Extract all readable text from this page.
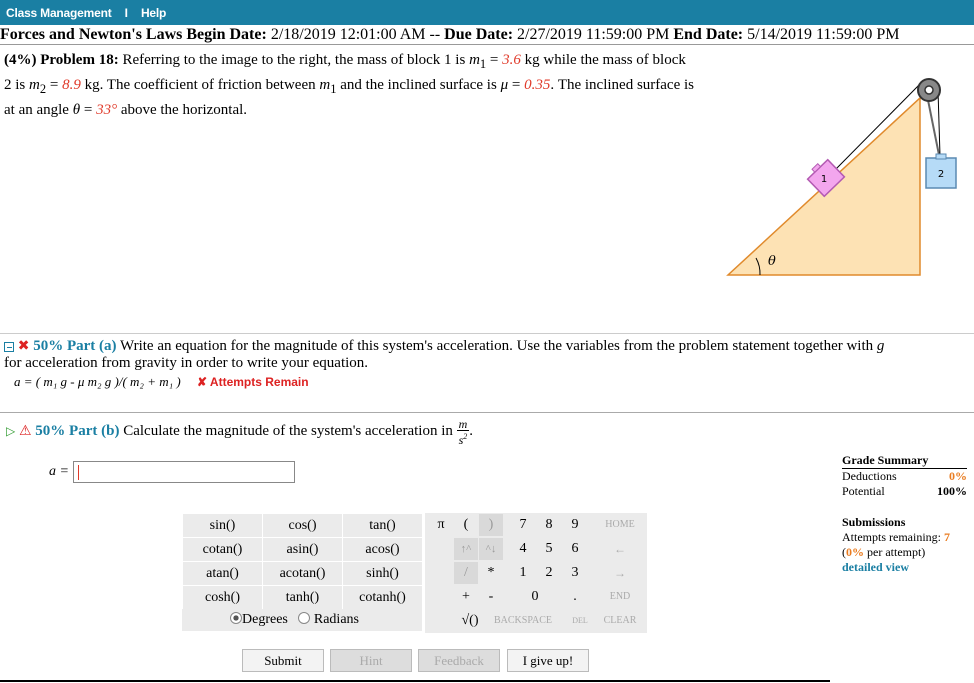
Class Management I Help
Forces and Newton's Laws Begin Date: 2/18/2019 12:01:00 AM -- Due Date: 2/27/2019 11:59:00 PM End Date: 5/14/2019 11:59:00 PM
(4%) Problem 18: Referring to the image to the right, the mass of block 1 is $m_1 = 3.6$ kg while the mass of block 2 is $m_2 = 8.9$ kg. The coefficient of friction between $m_1$ and the inclined surface is μ = 0.35. The inclined surface is at an angle θ = 33° above the horizontal.
1	2
θ
✖ 50% Part (a) Write an equation for the magnitude of this system's acceleration. Use the variables from the problem statement together with g
for acceleration from gravity in order to write your equation.
a = ( m₁ g - μ m₂ g )/( m₂ + m₁ ) ✘ Attempts Remain
▷ ⚠ 50% Part (b) Calculate the magnitude of the system's acceleration in $\frac{m}{s^2}$ .
a =
sin()	cos()	tan()
cotan()	asin()	acos()
atan()	acotan()	sinh()
cosh()	tanh()	cotanh()
Degrees Radians
π	(	)	7	8	9	HOME
↑^	^↓	4	5	6	←
/	*	1	2	3	→
+	-	0	.	END
√()	BACKSPACE	DEL	CLEAR
Grade Summary
Deductions	0%
Potential	100%
Submissions
Attempts remaining: 7
(0% per attempt)
detailed view
Submit	Hint	Feedback	I give up!
